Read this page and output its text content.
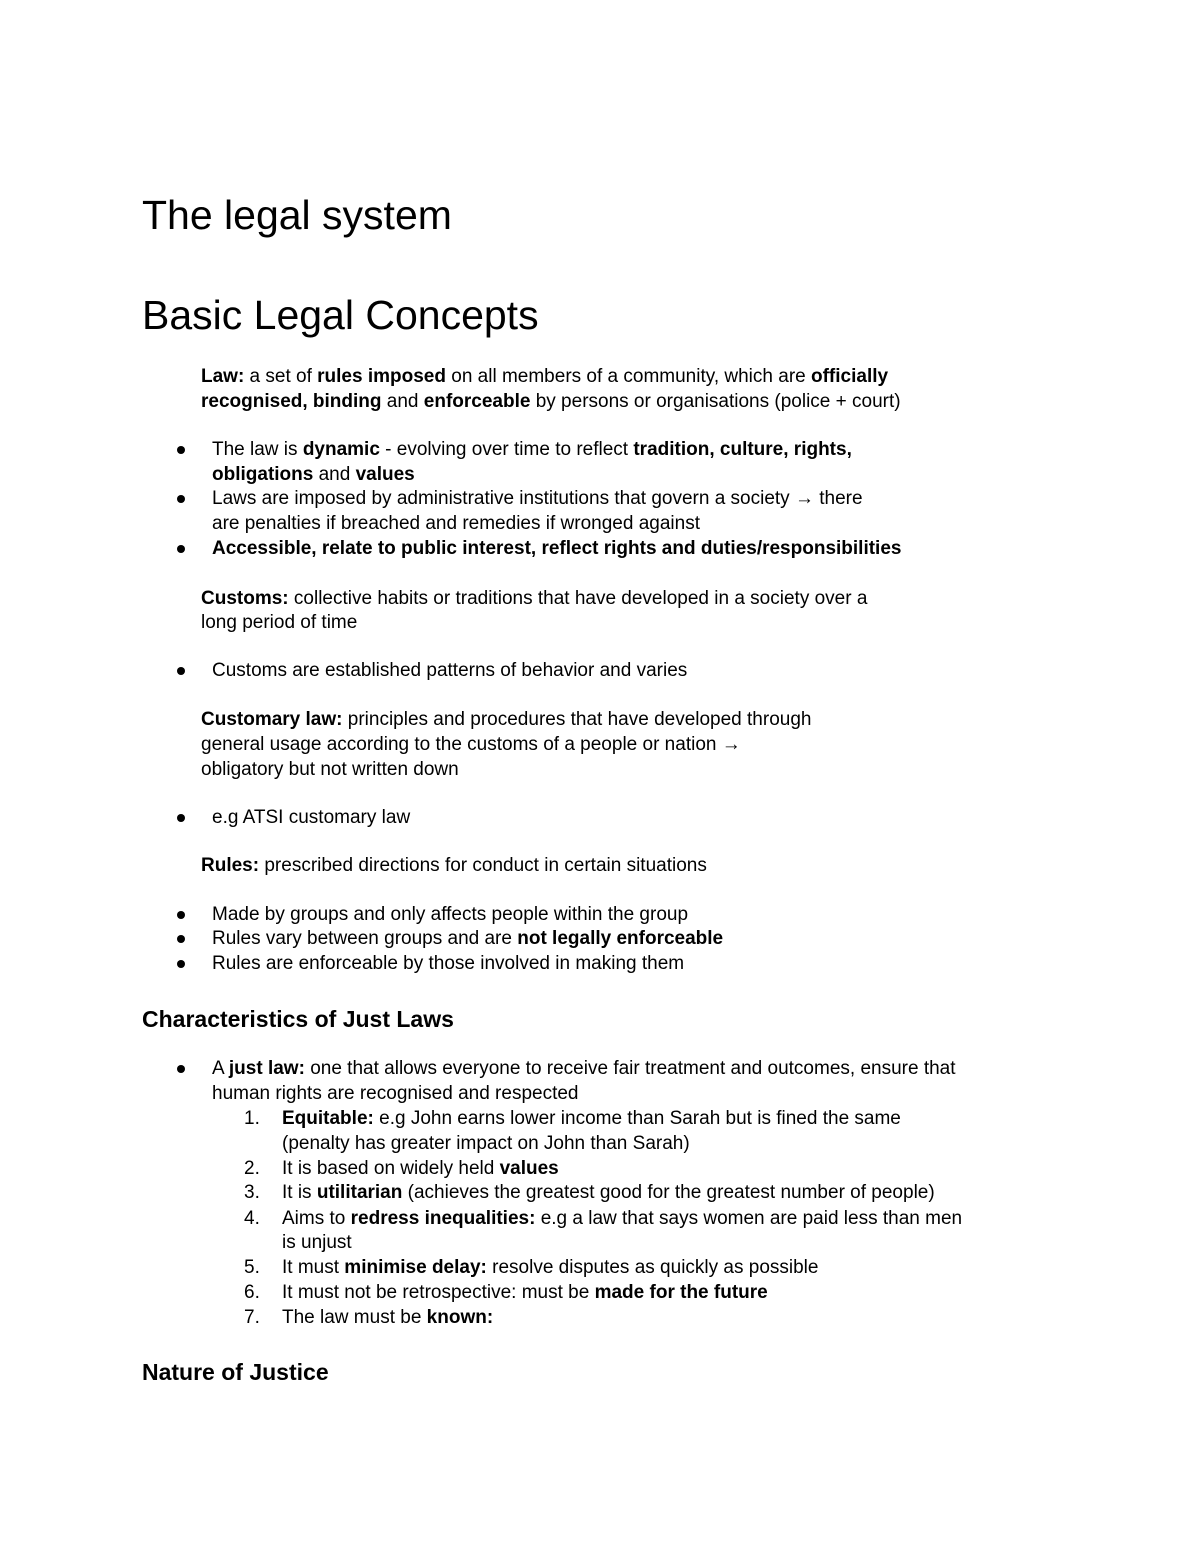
The legal system
Basic Legal Concepts
Law: a set of rules imposed on all members of a community, which are officially
recognised, binding and enforceable by persons or organisations (police + court)
The law is dynamic - evolving over time to reflect tradition, culture, rights,
obligations and values
Laws are imposed by administrative institutions that govern a society → there
are penalties if breached and remedies if wronged against
Accessible, relate to public interest, reflect rights and duties/responsibilities
Customs: collective habits or traditions that have developed in a society over a
long period of time
Customs are established patterns of behavior and varies
Customary law: principles and procedures that have developed through
general usage according to the customs of a people or nation →
obligatory but not written down
e.g ATSI customary law
Rules: prescribed directions for conduct in certain situations
Made by groups and only affects people within the group
Rules vary between groups and are not legally enforceable
Rules are enforceable by those involved in making them
Characteristics of Just Laws
A just law: one that allows everyone to receive fair treatment and outcomes, ensure that
human rights are recognised and respected
1. Equitable: e.g John earns lower income than Sarah but is fined the same
(penalty has greater impact on John than Sarah)
2. It is based on widely held values
3. It is utilitarian (achieves the greatest good for the greatest number of people)
4. Aims to redress inequalities: e.g a law that says women are paid less than men
is unjust
5. It must minimise delay: resolve disputes as quickly as possible
6. It must not be retrospective: must be made for the future
7. The law must be known:
Nature of Justice
